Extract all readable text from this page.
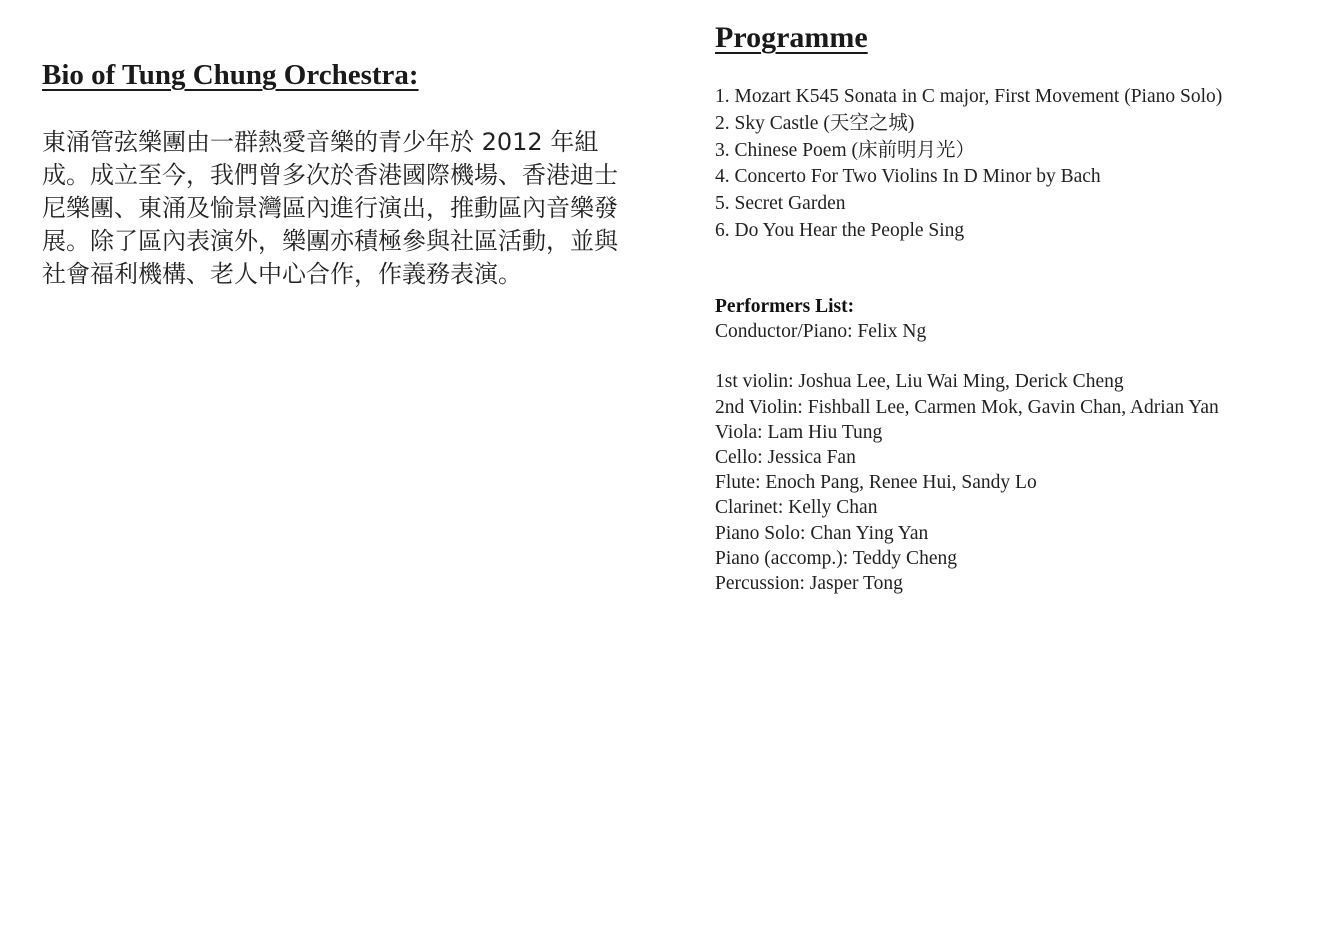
Bio of Tung Chung Orchestra:

東涌管弦樂團由一群熱愛音樂的青少年於 2012 年組成。成立至今，我們曾多次於香港國際機場、香港迪士尼樂團、東涌及愉景灣區內進行演出，推動區內音樂發展。除了區內表演外，樂團亦積極參與社區活動，並與社會福利機構、老人中心合作，作義務表演。

Programme
1. Mozart K545 Sonata in C major, First Movement (Piano Solo)
2. Sky Castle (天空之城)
3. Chinese Poem (床前明月光）
4. Concerto For Two Violins In D Minor by Bach
5. Secret Garden
6. Do You Hear the People Sing
Performers List:
Conductor/Piano: Felix Ng
1st violin: Joshua Lee, Liu Wai Ming, Derick Cheng
2nd Violin: Fishball Lee, Carmen Mok, Gavin Chan, Adrian Yan
Viola: Lam Hiu Tung
Cello: Jessica Fan
Flute: Enoch Pang, Renee Hui, Sandy Lo
Clarinet: Kelly Chan
Piano Solo: Chan Ying Yan
Piano (accomp.): Teddy Cheng
Percussion: Jasper Tong
